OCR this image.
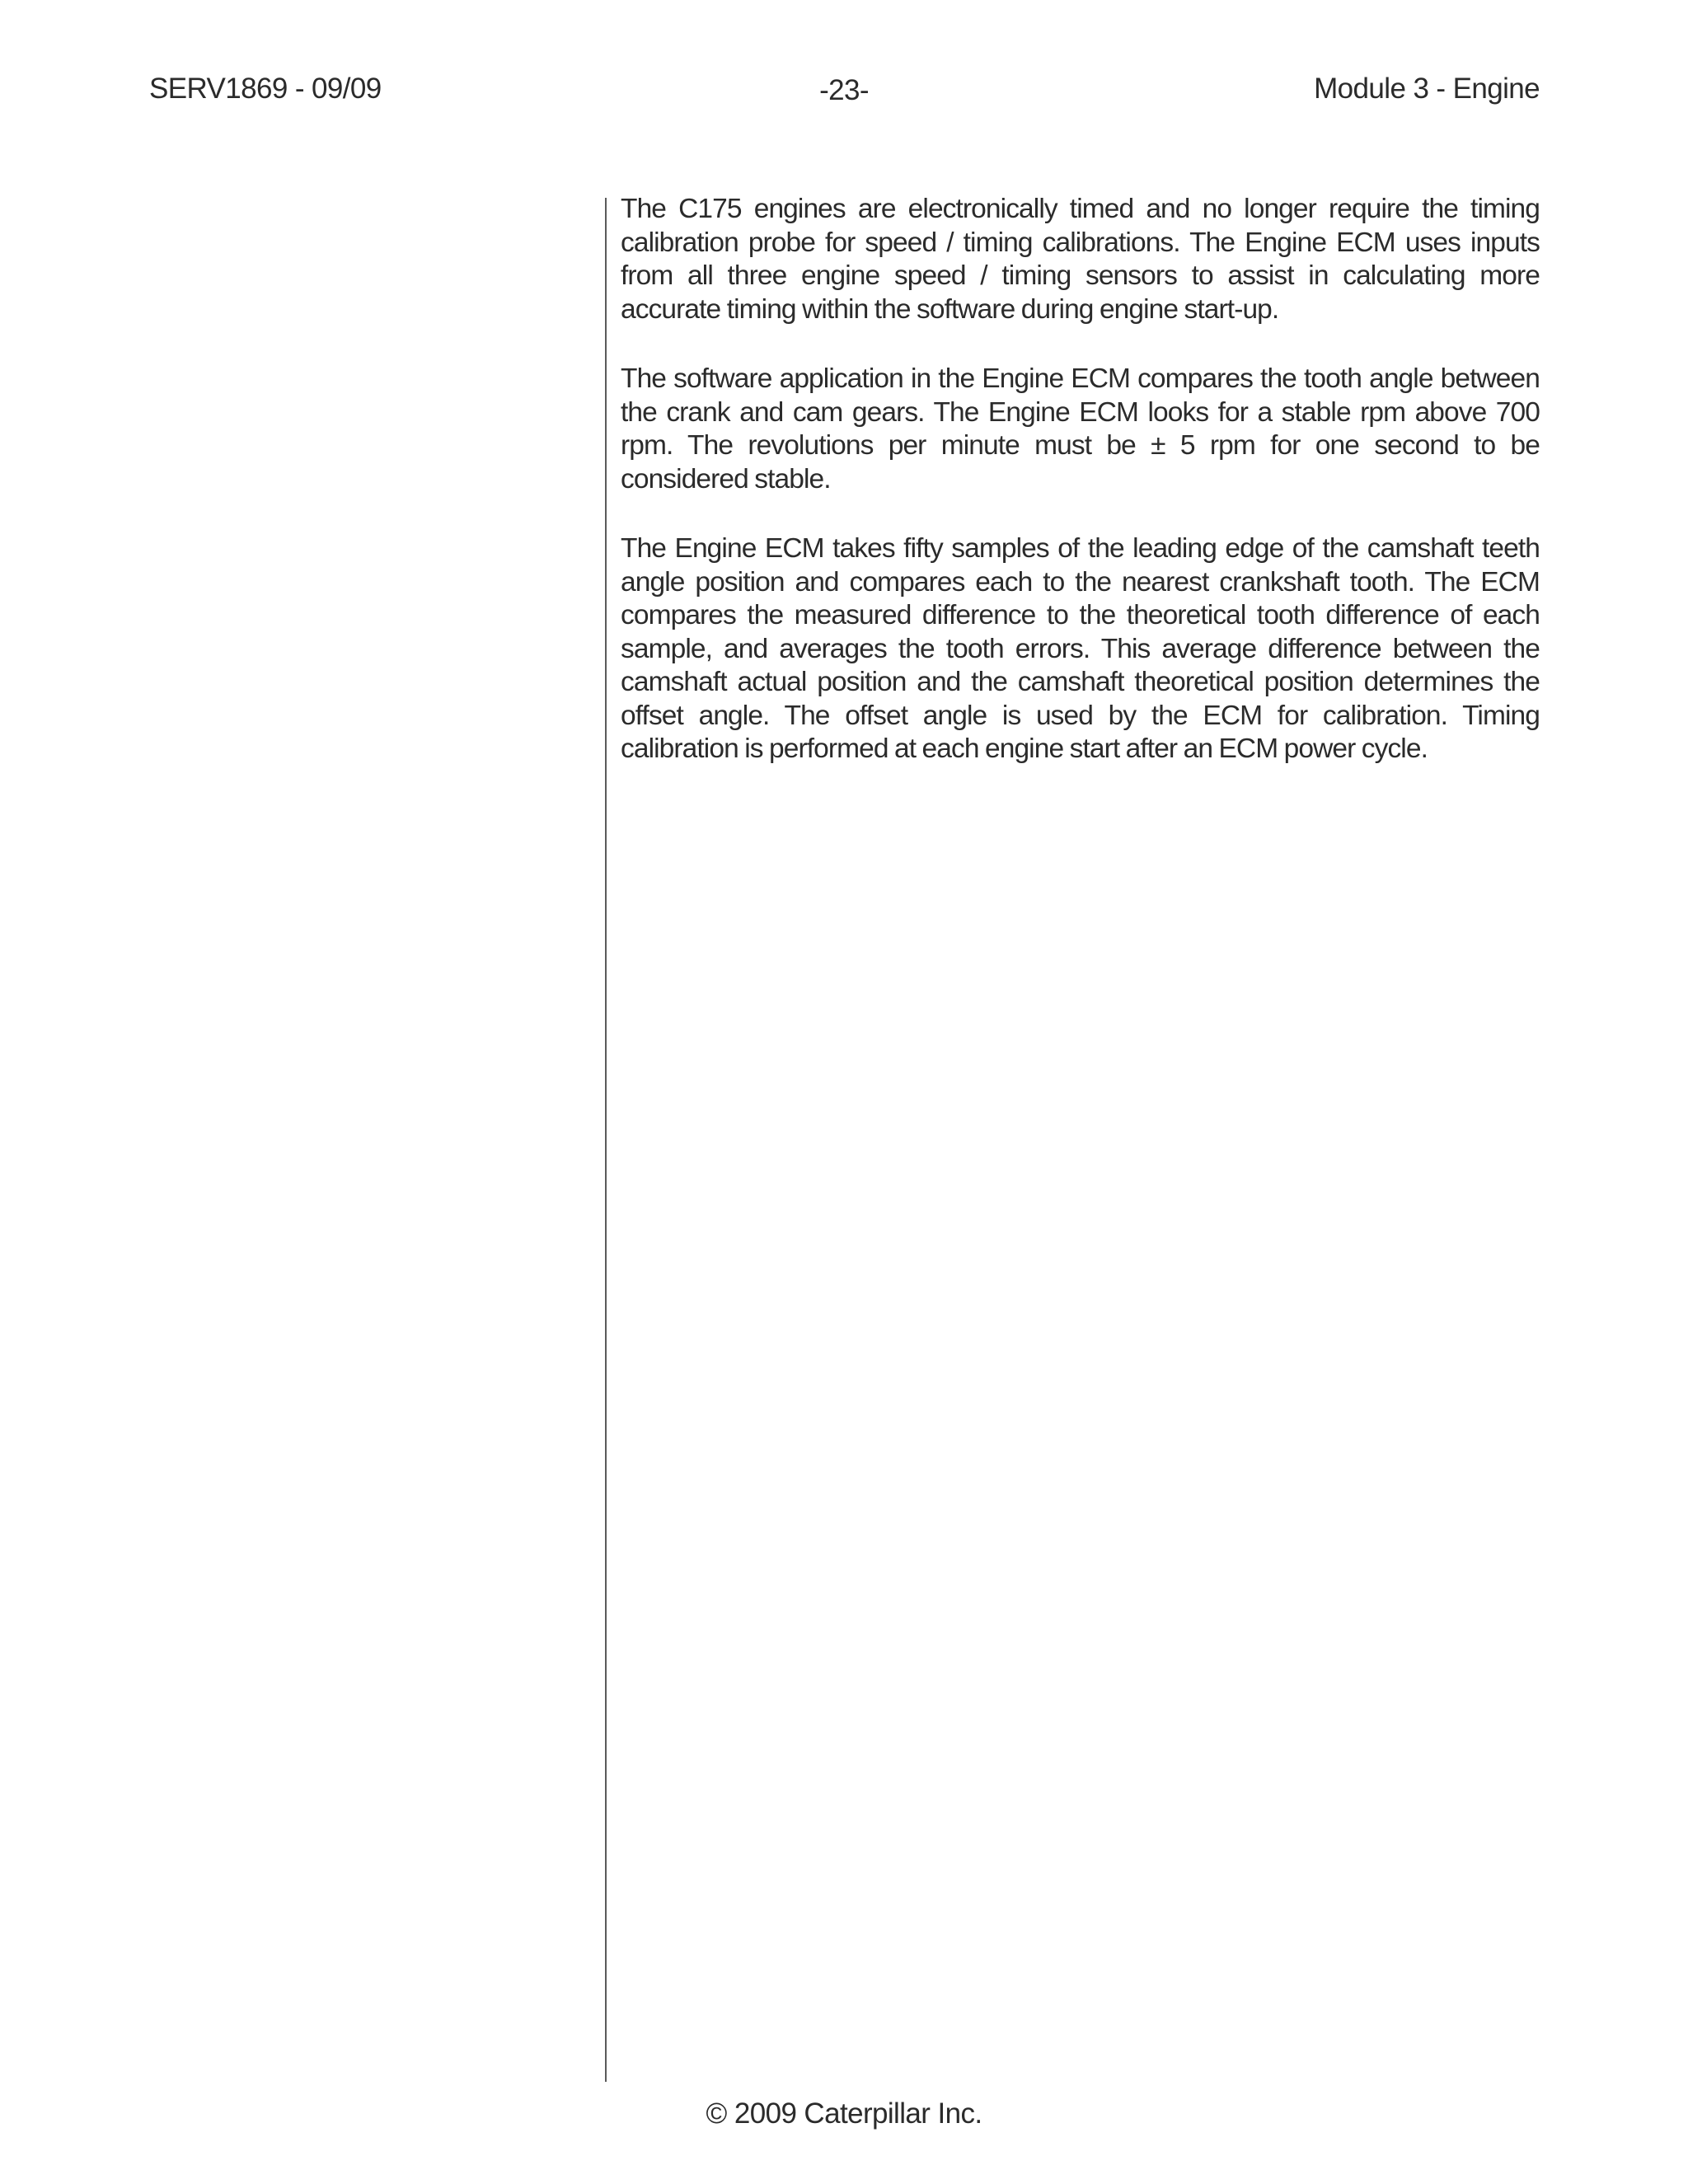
SERV1869 - 09/09	-23-	Module 3 - Engine

The C175 engines are electronically timed and no longer require the timing calibration probe for speed / timing calibrations. The Engine ECM uses inputs from all three engine speed / timing sensors to assist in calculating more accurate timing within the software during engine start-up.

The software application in the Engine ECM compares the tooth angle between the crank and cam gears. The Engine ECM looks for a stable rpm above 700 rpm. The revolutions per minute must be ± 5 rpm for one second to be considered stable.

The Engine ECM takes fifty samples of the leading edge of the camshaft teeth angle position and compares each to the nearest crankshaft tooth. The ECM compares the measured difference to the theoretical tooth difference of each sample, and averages the tooth errors. This average difference between the camshaft actual position and the camshaft theoretical position determines the offset angle. The offset angle is used by the ECM for calibration. Timing calibration is performed at each engine start after an ECM power cycle.

© 2009 Caterpillar Inc.
